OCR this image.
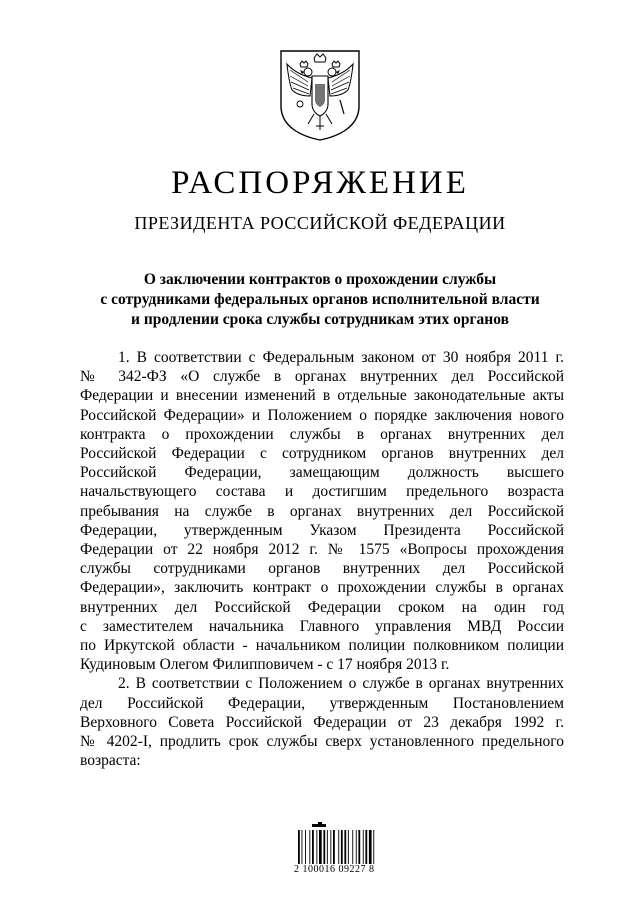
РАСПОРЯЖЕНИЕ
ПРЕЗИДЕНТА РОССИЙСКОЙ ФЕДЕРАЦИИ
О заключении контрактов о прохождении службы
с сотрудниками федеральных органов исполнительной власти
и продлении срока службы сотрудникам этих органов
1. В соответствии с Федеральным законом от 30 ноября 2011 г.
№ 342-ФЗ «О службе в органах внутренних дел Российской
Федерации и внесении изменений в отдельные законодательные акты
Российской Федерации» и Положением о порядке заключения нового
контракта о прохождении службы в органах внутренних дел
Российской Федерации с сотрудником органов внутренних дел
Российской Федерации, замещающим должность высшего
начальствующего состава и достигшим предельного возраста
пребывания на службе в органах внутренних дел Российской
Федерации, утвержденным Указом Президента Российской
Федерации от 22 ноября 2012 г. № 1575 «Вопросы прохождения
службы сотрудниками органов внутренних дел Российской
Федерации», заключить контракт о прохождении службы в органах
внутренних дел Российской Федерации сроком на один год
с заместителем начальника Главного управления МВД России
по Иркутской области - начальником полиции полковником полиции
Кудиновым Олегом Филипповичем - с 17 ноября 2013 г.
2. В соответствии с Положением о службе в органах внутренних
дел Российской Федерации, утвержденным Постановлением
Верховного Совета Российской Федерации от 23 декабря 1992 г.
№ 4202-I, продлить срок службы сверх установленного предельного
возраста:
2 100016 09227 8
